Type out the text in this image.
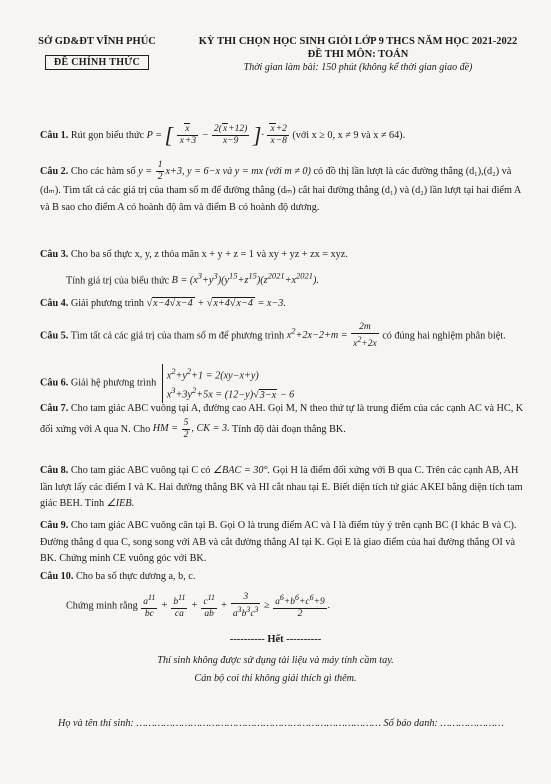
SỞ GD&ĐT VĨNH PHÚC
ĐỀ CHÍNH THỨC
KỲ THI CHỌN HỌC SINH GIỎI LỚP 9 THCS NĂM HỌC 2021-2022
ĐỀ THI MÔN: TOÁN
Thời gian làm bài: 150 phút (không kể thời gian giao đề)
Câu 1. Rút gọn biểu thức P = [ $\frac{x}{x+3} - \frac{2(x+12)}{x-9}$ ]· $\frac{x+2}{x-8}$ (với x ≥ 0, x ≠ 9 và x ≠ 64).
Câu 2. Cho các hàm số $y = \frac{1}{2} x+3$, y = 6−x và y = mx (với m ≠ 0) có đồ thị lần lượt là các đường thẳng (d₁),(d₂) và (dₘ). Tìm tất cả các giá trị của tham số m để đường thẳng (dₘ) cắt hai đường thẳng (d₁) và (d₂) lần lượt tại hai điểm A và B sao cho điểm A có hoành độ âm và điểm B có hoành độ dương.
Câu 3. Cho ba số thực x, y, z thỏa mãn x + y + z = 1 và xy + yz + zx = xyz.
Tính giá trị của biểu thức $B = (x^3+y^3)(y^{15}+z^{15})(z^{2021}+x^{2021})$.
Câu 4. Giải phương trình √x−4√x−4 + √x+4√x−4 = x−3.
Câu 5. Tìm tất cả các giá trị của tham số m để phương trình $x^2+2x-2+m = \frac{2m}{x^2+2x}$ có đúng hai nghiệm phân biệt.
Câu 6. Giải hệ phương trình $x^2+y^2+1 = 2(xy-x+y)$
$x^3+3y^2+5x = (12-y)√3-x - 6$
Câu 7. Cho tam giác ABC vuông tại A, đường cao AH. Gọi M, N theo thứ tự là trung điểm của các cạnh AC và HC, K đối xứng với A qua N. Cho HM = $\frac{5}{2}$ , CK = 3. Tính độ dài đoạn thẳng BK.
Câu 8. Cho tam giác ABC vuông tại C có ∠BAC = 30°. Gọi H là điểm đối xứng với B qua C. Trên các cạnh AB, AH lần lượt lấy các điểm I và K. Hai đường thẳng BK và HI cắt nhau tại E. Biết diện tích tứ giác AKEI bằng diện tích tam giác BEH. Tính ∠IEB.
Câu 9. Cho tam giác ABC vuông cân tại B. Gọi O là trung điểm AC và I là điểm tùy ý trên cạnh BC (I khác B và C). Đường thẳng d qua C, song song với AB và cắt đường thẳng AI tại K. Gọi E là giao điểm của hai đường thẳng OI và BK. Chứng minh CE vuông góc với BK.
Câu 10. Cho ba số thực dương a, b, c.
Chứng minh rằng $\frac{a^{11}}{bc} + \frac{b^{11}}{ca} + \frac{c^{11}}{ab} + \frac{3}{a^3b^3c^3} \ge \frac{a^6+b^6+c^6+9}{2}$ .
---------- Hết ----------
Thí sinh không được sử dụng tài liệu và máy tính cầm tay.
Cán bộ coi thi không giải thích gì thêm.
Họ và tên thí sinh: ……………………………………………………………………… Số báo danh: …………………
